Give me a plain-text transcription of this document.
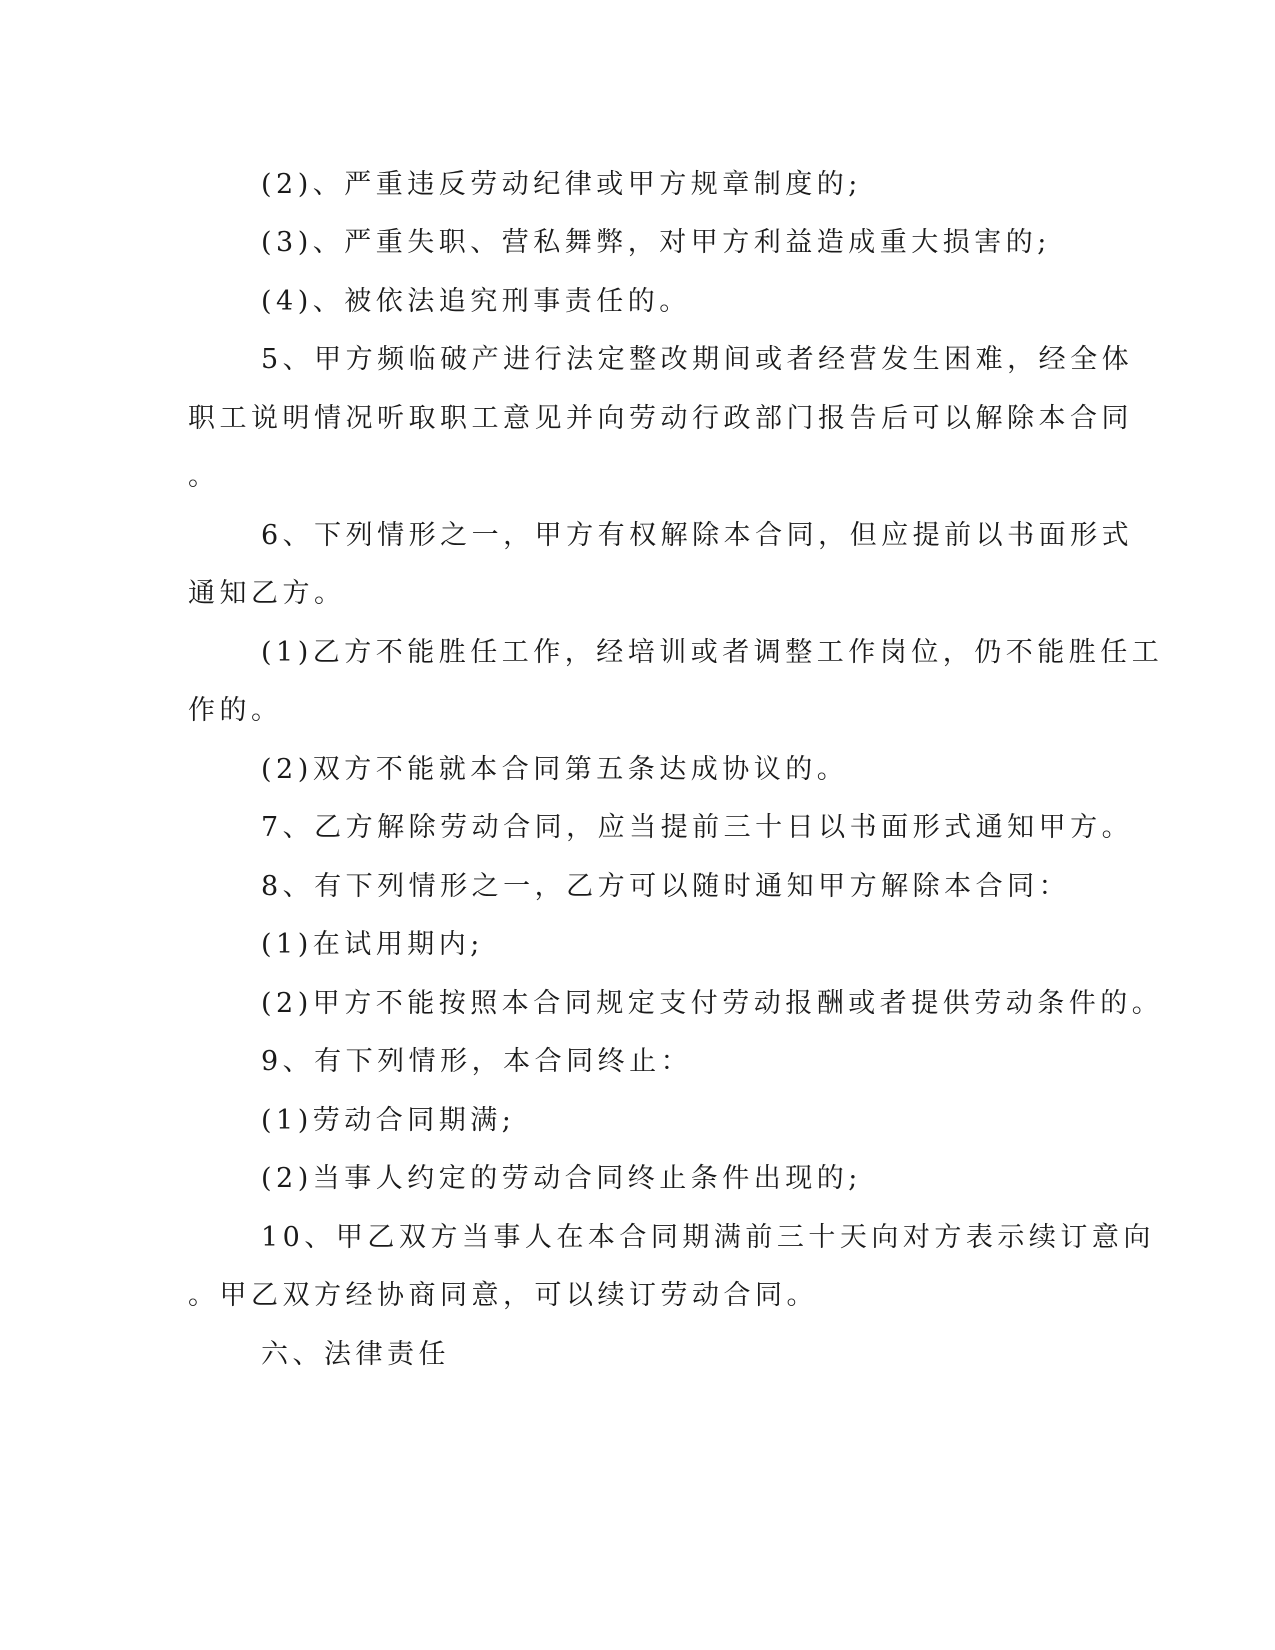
(2)、严重违反劳动纪律或甲方规章制度的;
(3)、严重失职、营私舞弊，对甲方利益造成重大损害的;
(4)、被依法追究刑事责任的。
5、甲方频临破产进行法定整改期间或者经营发生困难，经全体
职工说明情况听取职工意见并向劳动行政部门报告后可以解除本合同
。
6、下列情形之一，甲方有权解除本合同，但应提前以书面形式
通知乙方。
(1)乙方不能胜任工作，经培训或者调整工作岗位，仍不能胜任工
作的。
(2)双方不能就本合同第五条达成协议的。
7、乙方解除劳动合同，应当提前三十日以书面形式通知甲方。
8、有下列情形之一，乙方可以随时通知甲方解除本合同：
(1)在试用期内;
(2)甲方不能按照本合同规定支付劳动报酬或者提供劳动条件的。
9、有下列情形，本合同终止：
(1)劳动合同期满;
(2)当事人约定的劳动合同终止条件出现的;
10、甲乙双方当事人在本合同期满前三十天向对方表示续订意向
。甲乙双方经协商同意，可以续订劳动合同。
六、法律责任
